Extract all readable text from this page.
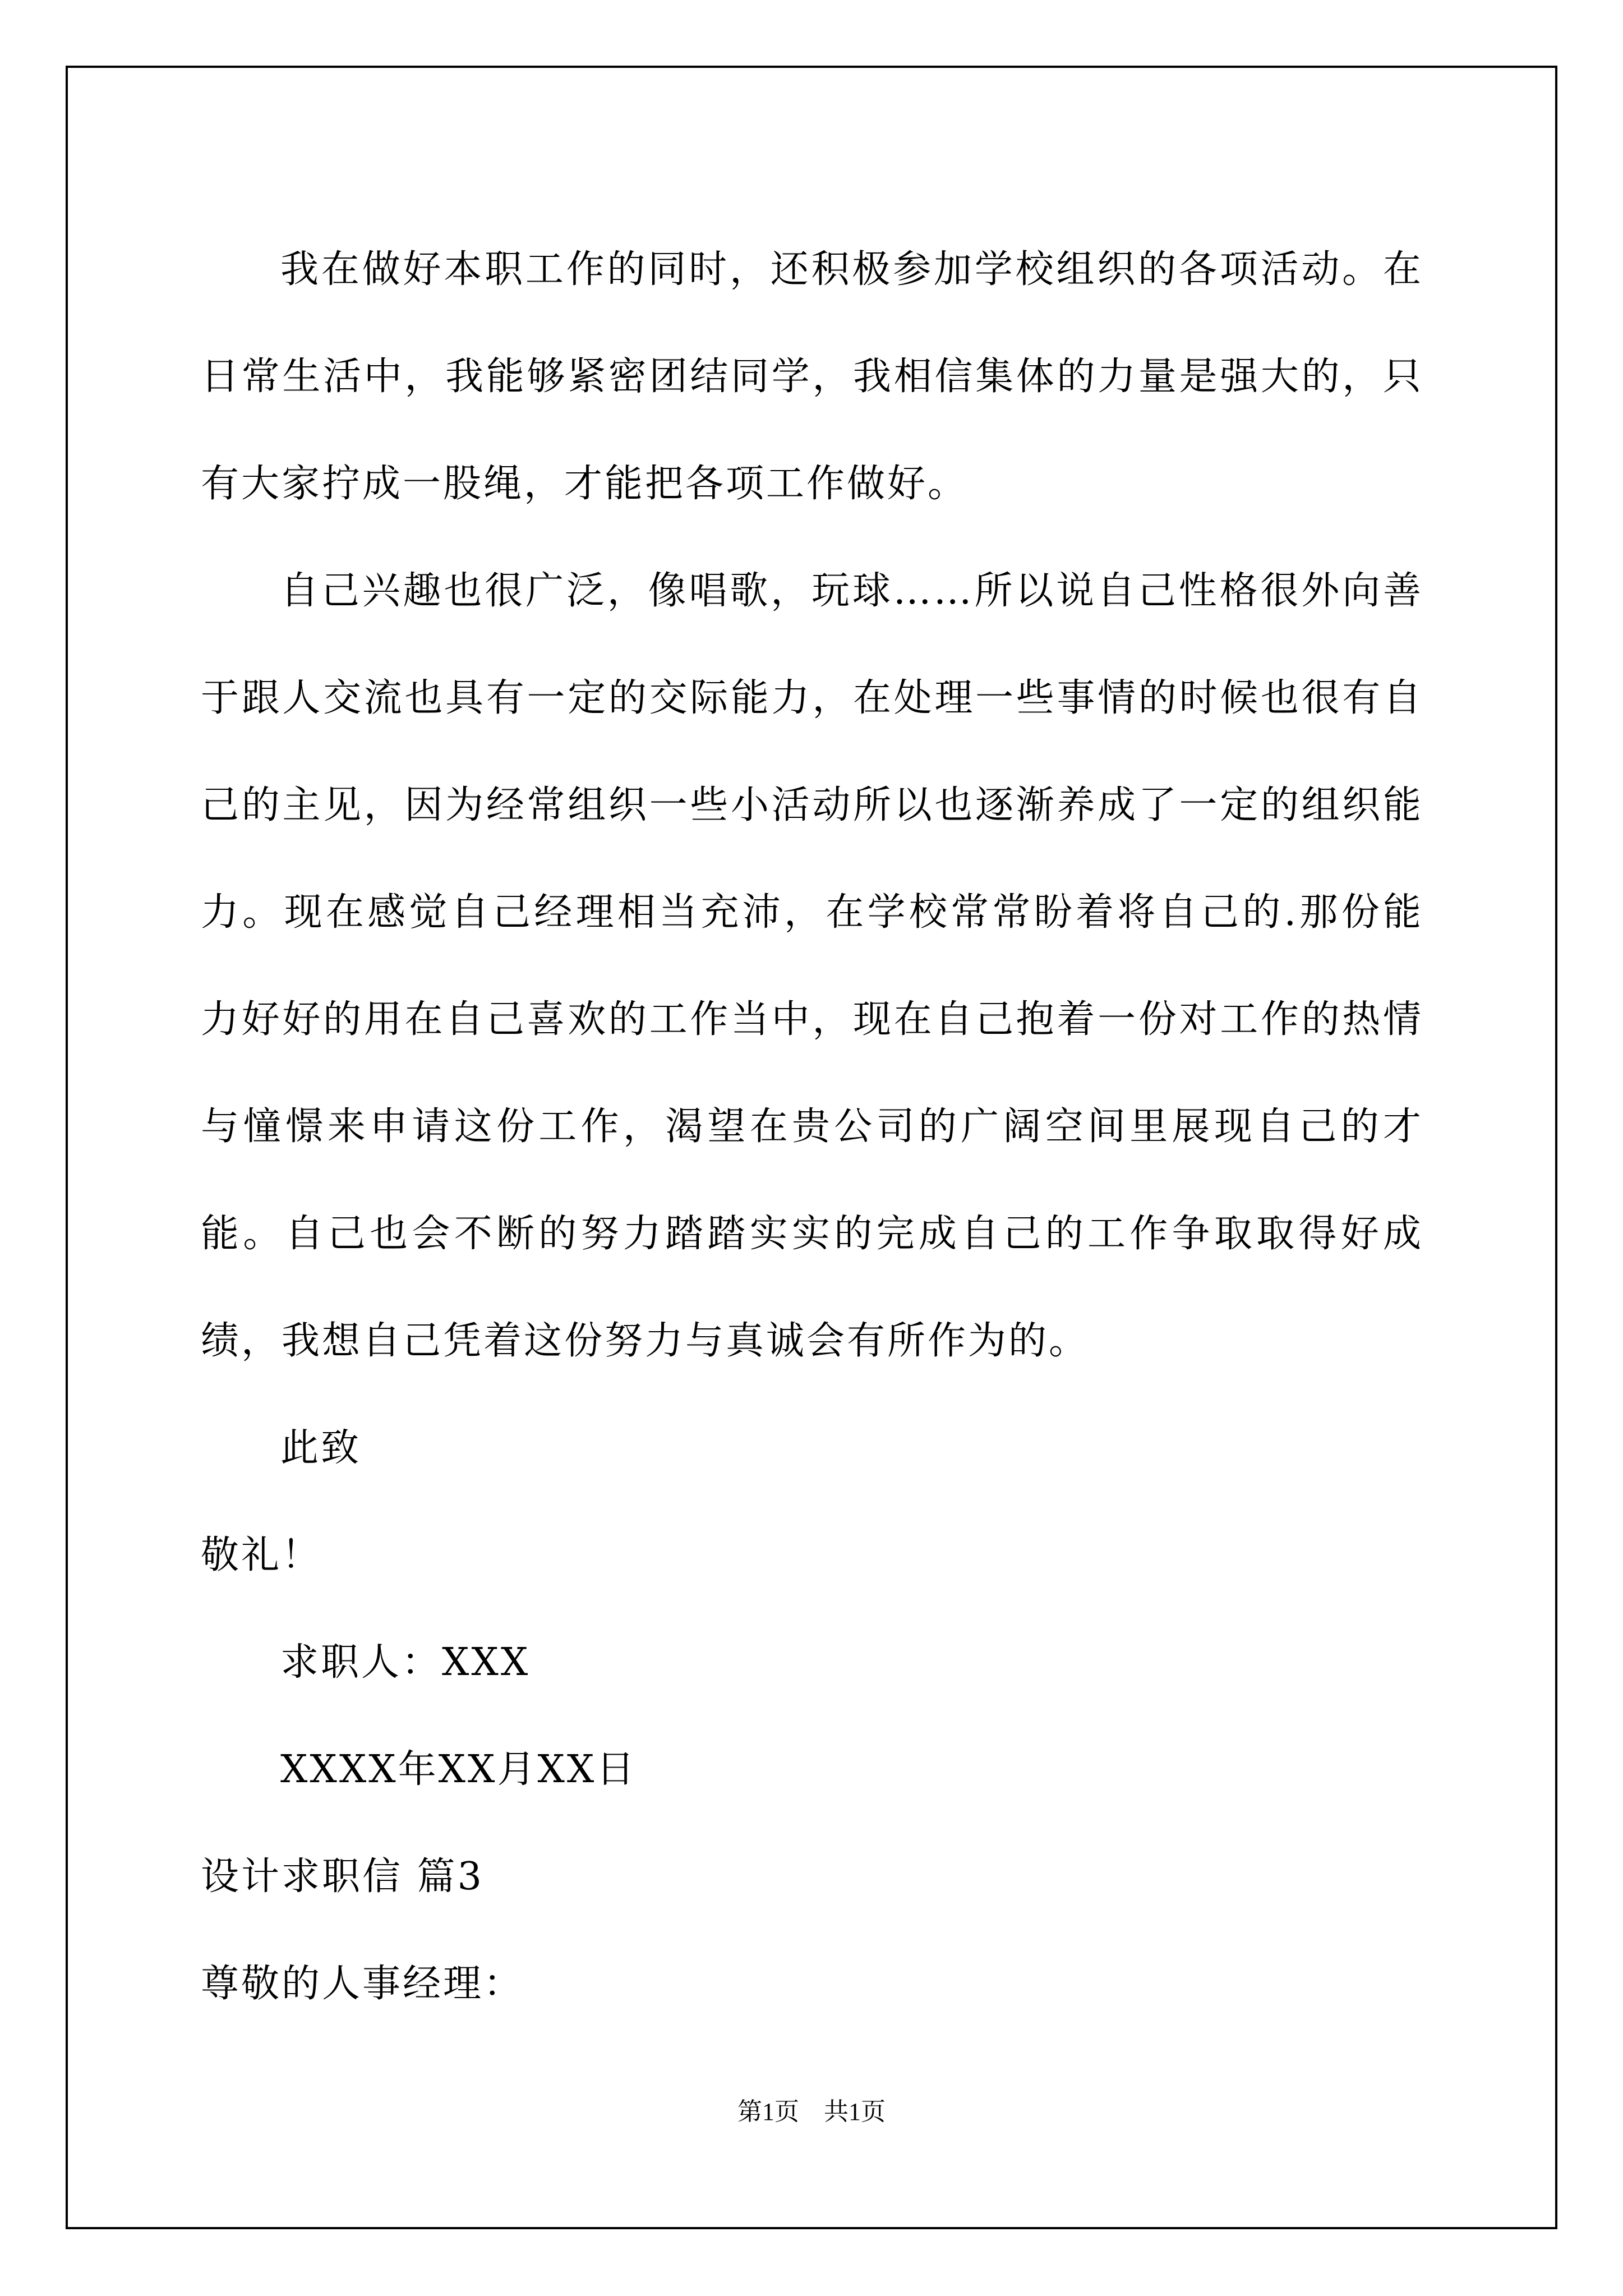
我在做好本职工作的同时，还积极参加学校组织的各项活动。在日常生活中，我能够紧密团结同学，我相信集体的力量是强大的，只有大家拧成一股绳，才能把各项工作做好。

自己兴趣也很广泛，像唱歌，玩球……所以说自己性格很外向善于跟人交流也具有一定的交际能力，在处理一些事情的时候也很有自己的主见，因为经常组织一些小活动所以也逐渐养成了一定的组织能力。现在感觉自己经理相当充沛，在学校常常盼着将自己的.那份能力好好的用在自己喜欢的工作当中，现在自己抱着一份对工作的热情与憧憬来申请这份工作，渴望在贵公司的广阔空间里展现自己的才能。自己也会不断的努力踏踏实实的完成自己的工作争取取得好成绩，我想自己凭着这份努力与真诚会有所作为的。

此致

敬礼！

求职人：XXX

XXXX年XX月XX日

设计求职信 篇3

尊敬的人事经理：

第1页　共1页
